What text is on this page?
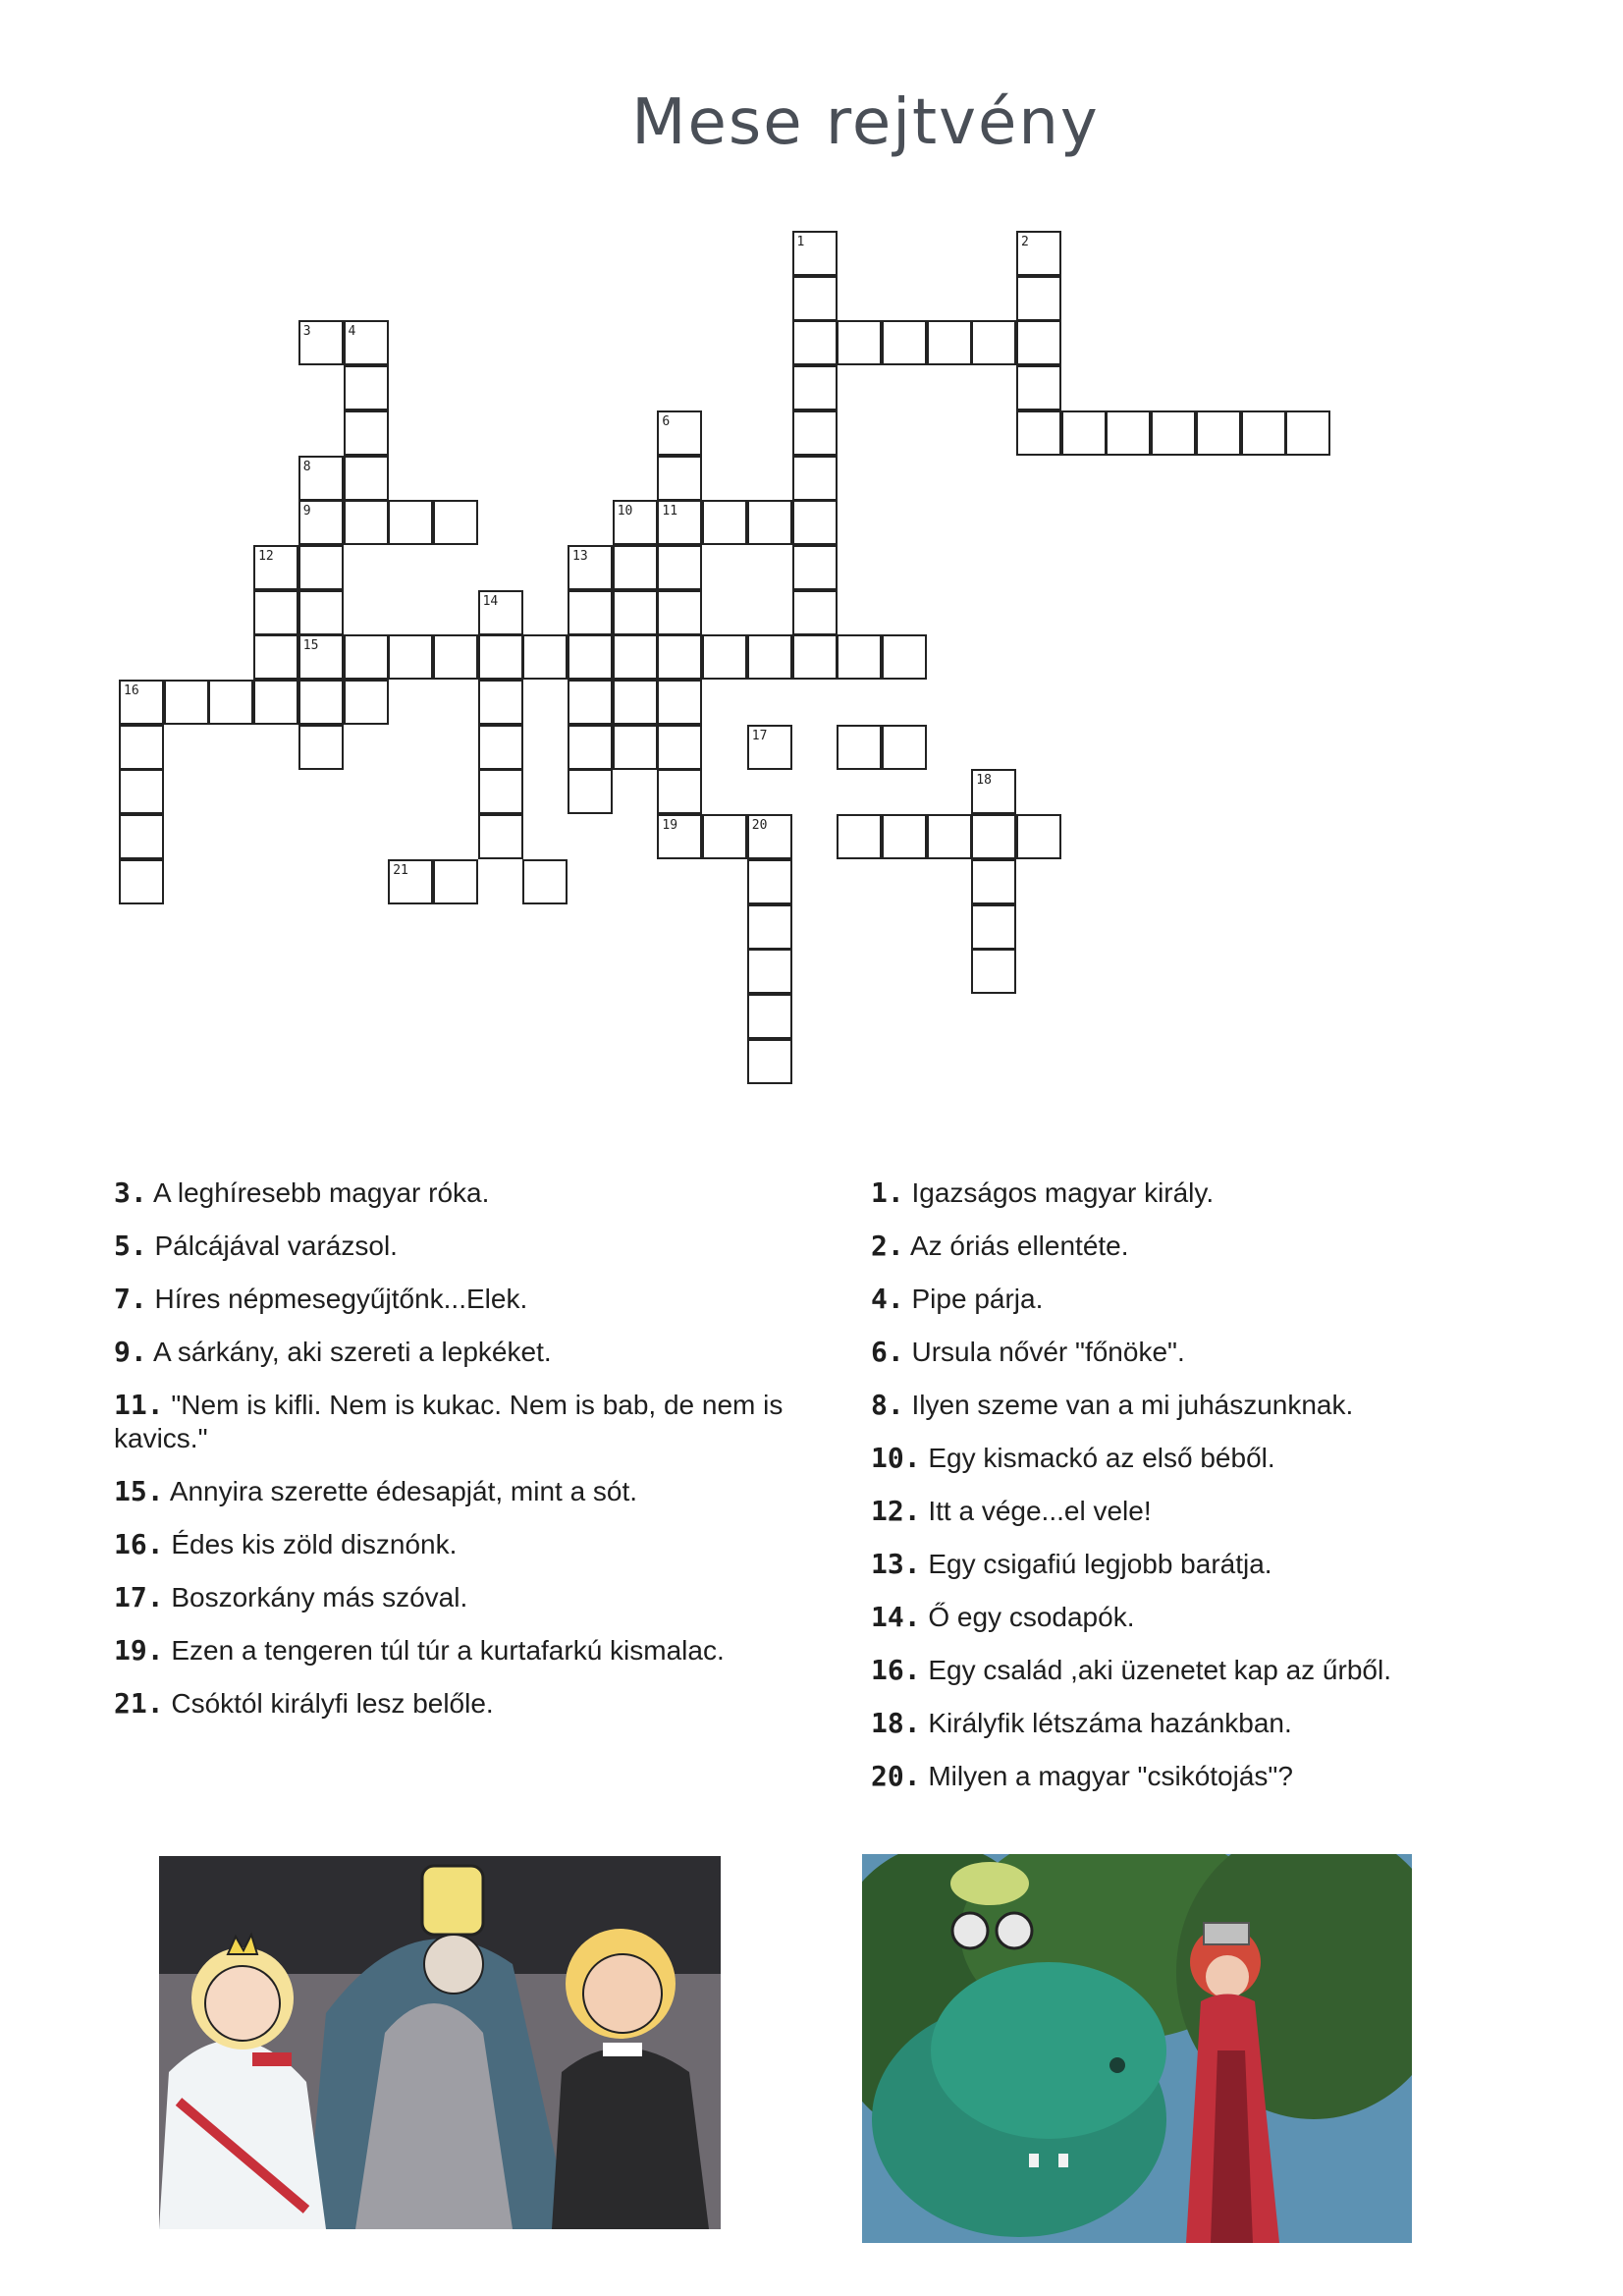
Mese rejtvény
1	2
3	4
8
9
15
6
11
10
12	13
14
16
17
18
19	20
21
3. A leghíresebb magyar róka.
5. Pálcájával varázsol.
7. Híres népmesegyűjtőnk...Elek.
9. A sárkány, aki szereti a lepkéket.
11. "Nem is kifli. Nem is kukac. Nem is bab, de nem is kavics."
15. Annyira szerette édesapját, mint a sót.
16. Édes kis zöld disznónk.
17. Boszorkány más szóval.
19. Ezen a tengeren túl túr a kurtafarkú kismalac.
21. Csóktól királyfi lesz belőle.
1. Igazságos magyar király.
2. Az óriás ellentéte.
4. Pipe párja.
6. Ursula nővér "főnöke".
8. Ilyen szeme van a mi juhászunknak.
10. Egy kismackó az első béből.
12. Itt a vége...el vele!
13. Egy csigafiú legjobb barátja.
14. Ő egy csodapók.
16. Egy család ,aki üzenetet kap az űrből.
18. Királyfik létszáma hazánkban.
20. Milyen a magyar "csikótojás"?
